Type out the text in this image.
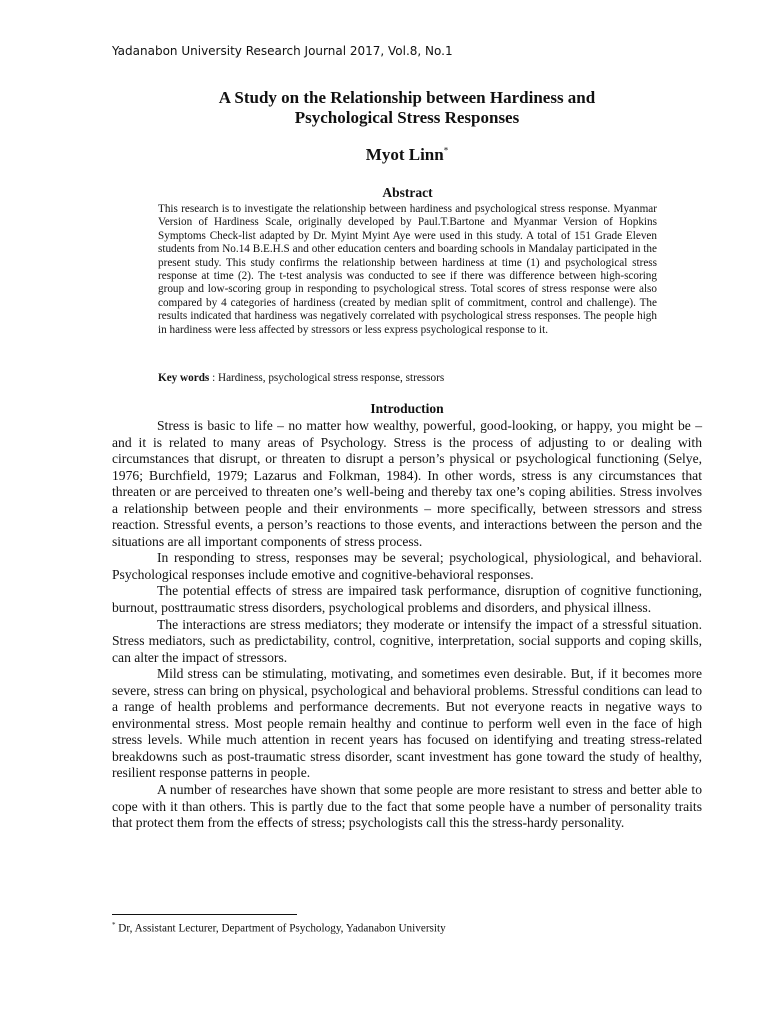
Yadanabon University Research Journal 2017, Vol.8, No.1
A Study on the Relationship between Hardiness and
Psychological Stress Responses
Myot Linn*
Abstract
This research is to investigate the relationship between hardiness and psychological stress response. Myanmar Version of Hardiness Scale, originally developed by Paul.T.Bartone and Myanmar Version of Hopkins Symptoms Check-list adapted by Dr. Myint Myint Aye were used in this study. A total of 151 Grade Eleven students from No.14 B.E.H.S and other education centers and boarding schools in Mandalay participated in the present study. This study confirms the relationship between hardiness at time (1) and psychological stress response at time (2). The t-test analysis was conducted to see if there was difference between high-scoring group and low-scoring group in responding to psychological stress. Total scores of stress response were also compared by 4 categories of hardiness (created by median split of commitment, control and challenge). The results indicated that hardiness was negatively correlated with psychological stress responses. The people high in hardiness were less affected by stressors or less express psychological response to it.
Key words : Hardiness, psychological stress response, stressors
Introduction

Stress is basic to life – no matter how wealthy, powerful, good-looking, or happy, you might be – and it is related to many areas of Psychology. Stress is the process of adjusting to or dealing with circumstances that disrupt, or threaten to disrupt a person’s physical or psychological functioning (Selye, 1976; Burchfield, 1979; Lazarus and Folkman, 1984). In other words, stress is any circumstances that threaten or are perceived to threaten one’s well-being and thereby tax one’s coping abilities. Stress involves a relationship between people and their environments – more specifically, between stressors and stress reaction. Stressful events, a person’s reactions to those events, and interactions between the person and the situations are all important components of stress process.

In responding to stress, responses may be several; psychological, physiological, and behavioral. Psychological responses include emotive and cognitive-behavioral responses.

The potential effects of stress are impaired task performance, disruption of cognitive functioning, burnout, posttraumatic stress disorders, psychological problems and disorders, and physical illness.

The interactions are stress mediators; they moderate or intensify the impact of a stressful situation. Stress mediators, such as predictability, control, cognitive, interpretation, social supports and coping skills, can alter the impact of stressors.

Mild stress can be stimulating, motivating, and sometimes even desirable. But, if it becomes more severe, stress can bring on physical, psychological and behavioral problems. Stressful conditions can lead to a range of health problems and performance decrements. But not everyone reacts in negative ways to environmental stress. Most people remain healthy and continue to perform well even in the face of high stress levels. While much attention in recent years has focused on identifying and treating stress-related breakdowns such as post-traumatic stress disorder, scant investment has gone toward the study of healthy, resilient response patterns in people.

A number of researches have shown that some people are more resistant to stress and better able to cope with it than others. This is partly due to the fact that some people have a number of personality traits that protect them from the effects of stress; psychologists call this the stress-hardy personality.

* Dr, Assistant Lecturer, Department of Psychology, Yadanabon University
